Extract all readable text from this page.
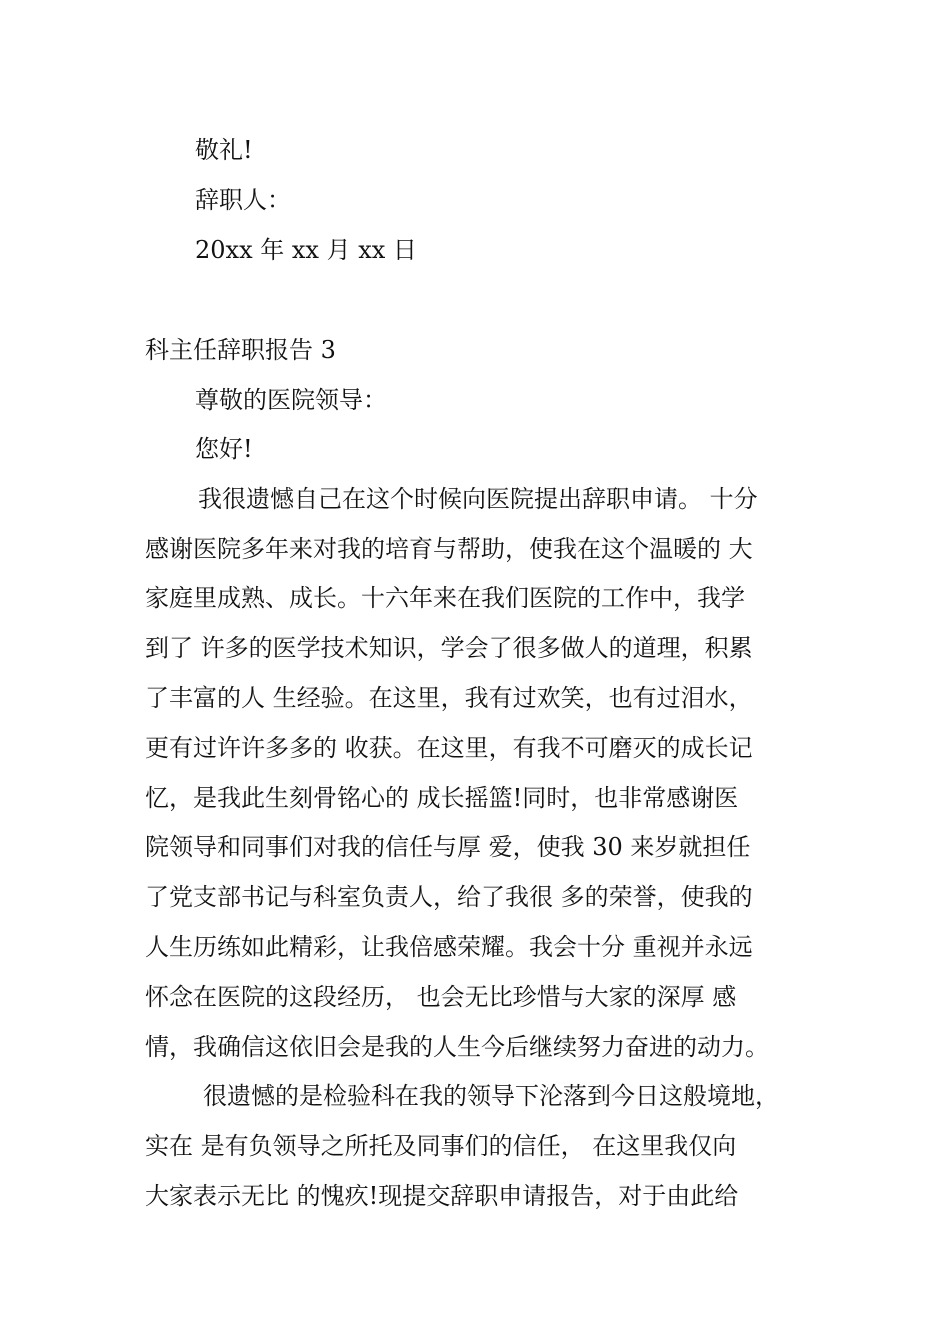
敬礼!
辞职人：
20xx 年 xx 月 xx 日
科主任辞职报告 3
尊敬的医院领导：
您好!
我很遗憾自己在这个时候向医院提出辞职申请。 十分
感谢医院多年来对我的培育与帮助，使我在这个温暖的 大
家庭里成熟、成长。十六年来在我们医院的工作中，我学
到了 许多的医学技术知识，学会了很多做人的道理，积累
了丰富的人 生经验。在这里，我有过欢笑，也有过泪水，
更有过许许多多的 收获。在这里，有我不可磨灭的成长记
忆，是我此生刻骨铭心的 成长摇篮!同时，也非常感谢医
院领导和同事们对我的信任与厚 爱，使我 30 来岁就担任
了党支部书记与科室负责人，给了我很 多的荣誉，使我的
人生历练如此精彩，让我倍感荣耀。我会十分 重视并永远
怀念在医院的这段经历， 也会无比珍惜与大家的深厚 感
情，我确信这依旧会是我的人生今后继续努力奋进的动力。
很遗憾的是检验科在我的领导下沦落到今日这般境地，
实在 是有负领导之所托及同事们的信任， 在这里我仅向
大家表示无比 的愧疚!现提交辞职申请报告，对于由此给
